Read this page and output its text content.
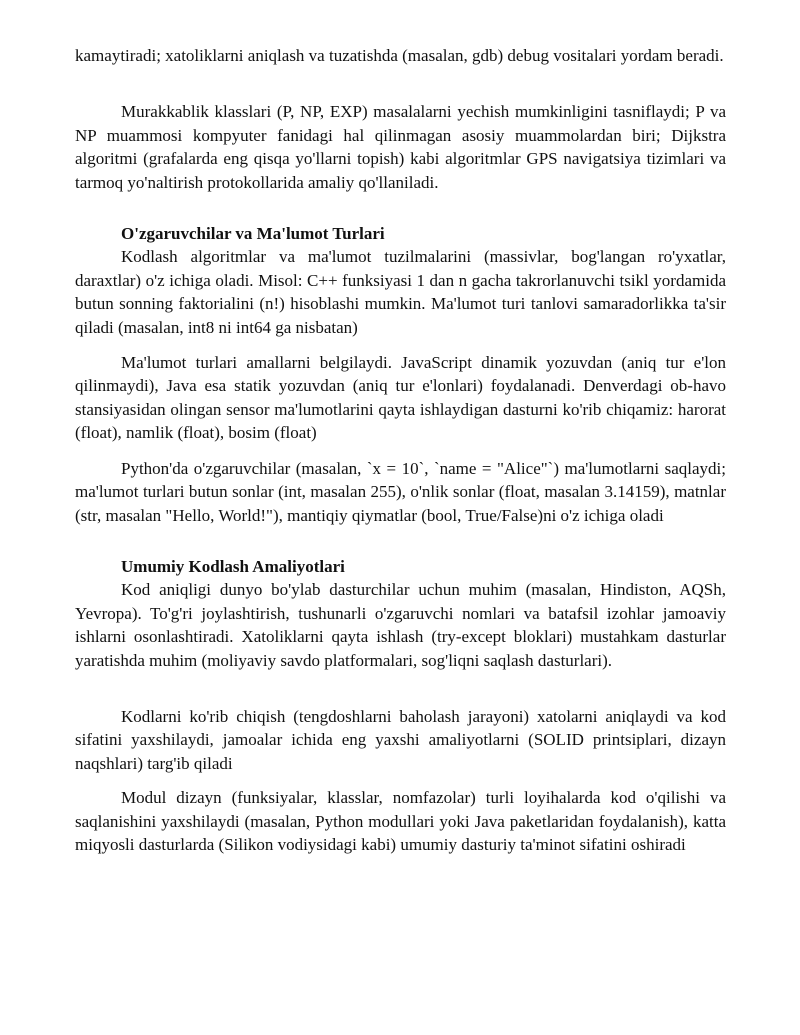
kamaytiradi; xatoliklarni aniqlash va tuzatishda (masalan, gdb) debug vositalari yordam beradi.

Murakkablik klasslari (P, NP, EXP) masalalarni yechish mumkinligini tasniflaydi; P va NP muammosi kompyuter fanidagi hal qilinmagan asosiy muammolardan biri; Dijkstra algoritmi (grafalarda eng qisqa yo'llarni topish) kabi algoritmlar GPS navigatsiya tizimlari va tarmoq yo'naltirish protokollarida amaliy qo'llaniladi.

O'zgaruvchilar va Ma'lumot Turlari

Kodlash algoritmlar va ma'lumot tuzilmalarini (massivlar, bog'langan ro'yxatlar, daraxtlar) o'z ichiga oladi. Misol: C++ funksiyasi 1 dan n gacha takrorlanuvchi tsikl yordamida butun sonning faktorialini (n!) hisoblashi mumkin. Ma'lumot turi tanlovi samaradorlikka ta'sir qiladi (masalan, int8 ni int64 ga nisbatan)

Ma'lumot turlari amallarni belgilaydi. JavaScript dinamik yozuvdan (aniq tur e'lon qilinmaydi), Java esa statik yozuvdan (aniq tur e'lonlari) foydalanadi. Denverdagi ob-havo stansiyasidan olingan sensor ma'lumotlarini qayta ishlaydigan dasturni ko'rib chiqamiz: harorat (float), namlik (float), bosim (float)

Python'da o'zgaruvchilar (masalan, `x = 10`, `name = "Alice"`) ma'lumotlarni saqlaydi; ma'lumot turlari butun sonlar (int, masalan 255), o'nlik sonlar (float, masalan 3.14159), matnlar (str, masalan "Hello, World!"), mantiqiy qiymatlar (bool, True/False)ni o'z ichiga oladi

Umumiy Kodlash Amaliyotlari

Kod aniqligi dunyo bo'ylab dasturchilar uchun muhim (masalan, Hindiston, AQSh, Yevropa). To'g'ri joylashtirish, tushunarli o'zgaruvchi nomlari va batafsil izohlar jamoaviy ishlarni osonlashtiradi. Xatoliklarni qayta ishlash (try-except bloklari) mustahkam dasturlar yaratishda muhim (moliyaviy savdo platformalari, sog'liqni saqlash dasturlari).

Kodlarni ko'rib chiqish (tengdoshlarni baholash jarayoni) xatolarni aniqlaydi va kod sifatini yaxshilaydi, jamoalar ichida eng yaxshi amaliyotlarni (SOLID printsiplari, dizayn naqshlari) targ'ib qiladi

Modul dizayn (funksiyalar, klasslar, nomfazolar) turli loyihalarda kod o'qilishi va saqlanishini yaxshilaydi (masalan, Python modullari yoki Java paketlaridan foydalanish), katta miqyosli dasturlarda (Silikon vodiysidagi kabi) umumiy dasturiy ta'minot sifatini oshiradi
